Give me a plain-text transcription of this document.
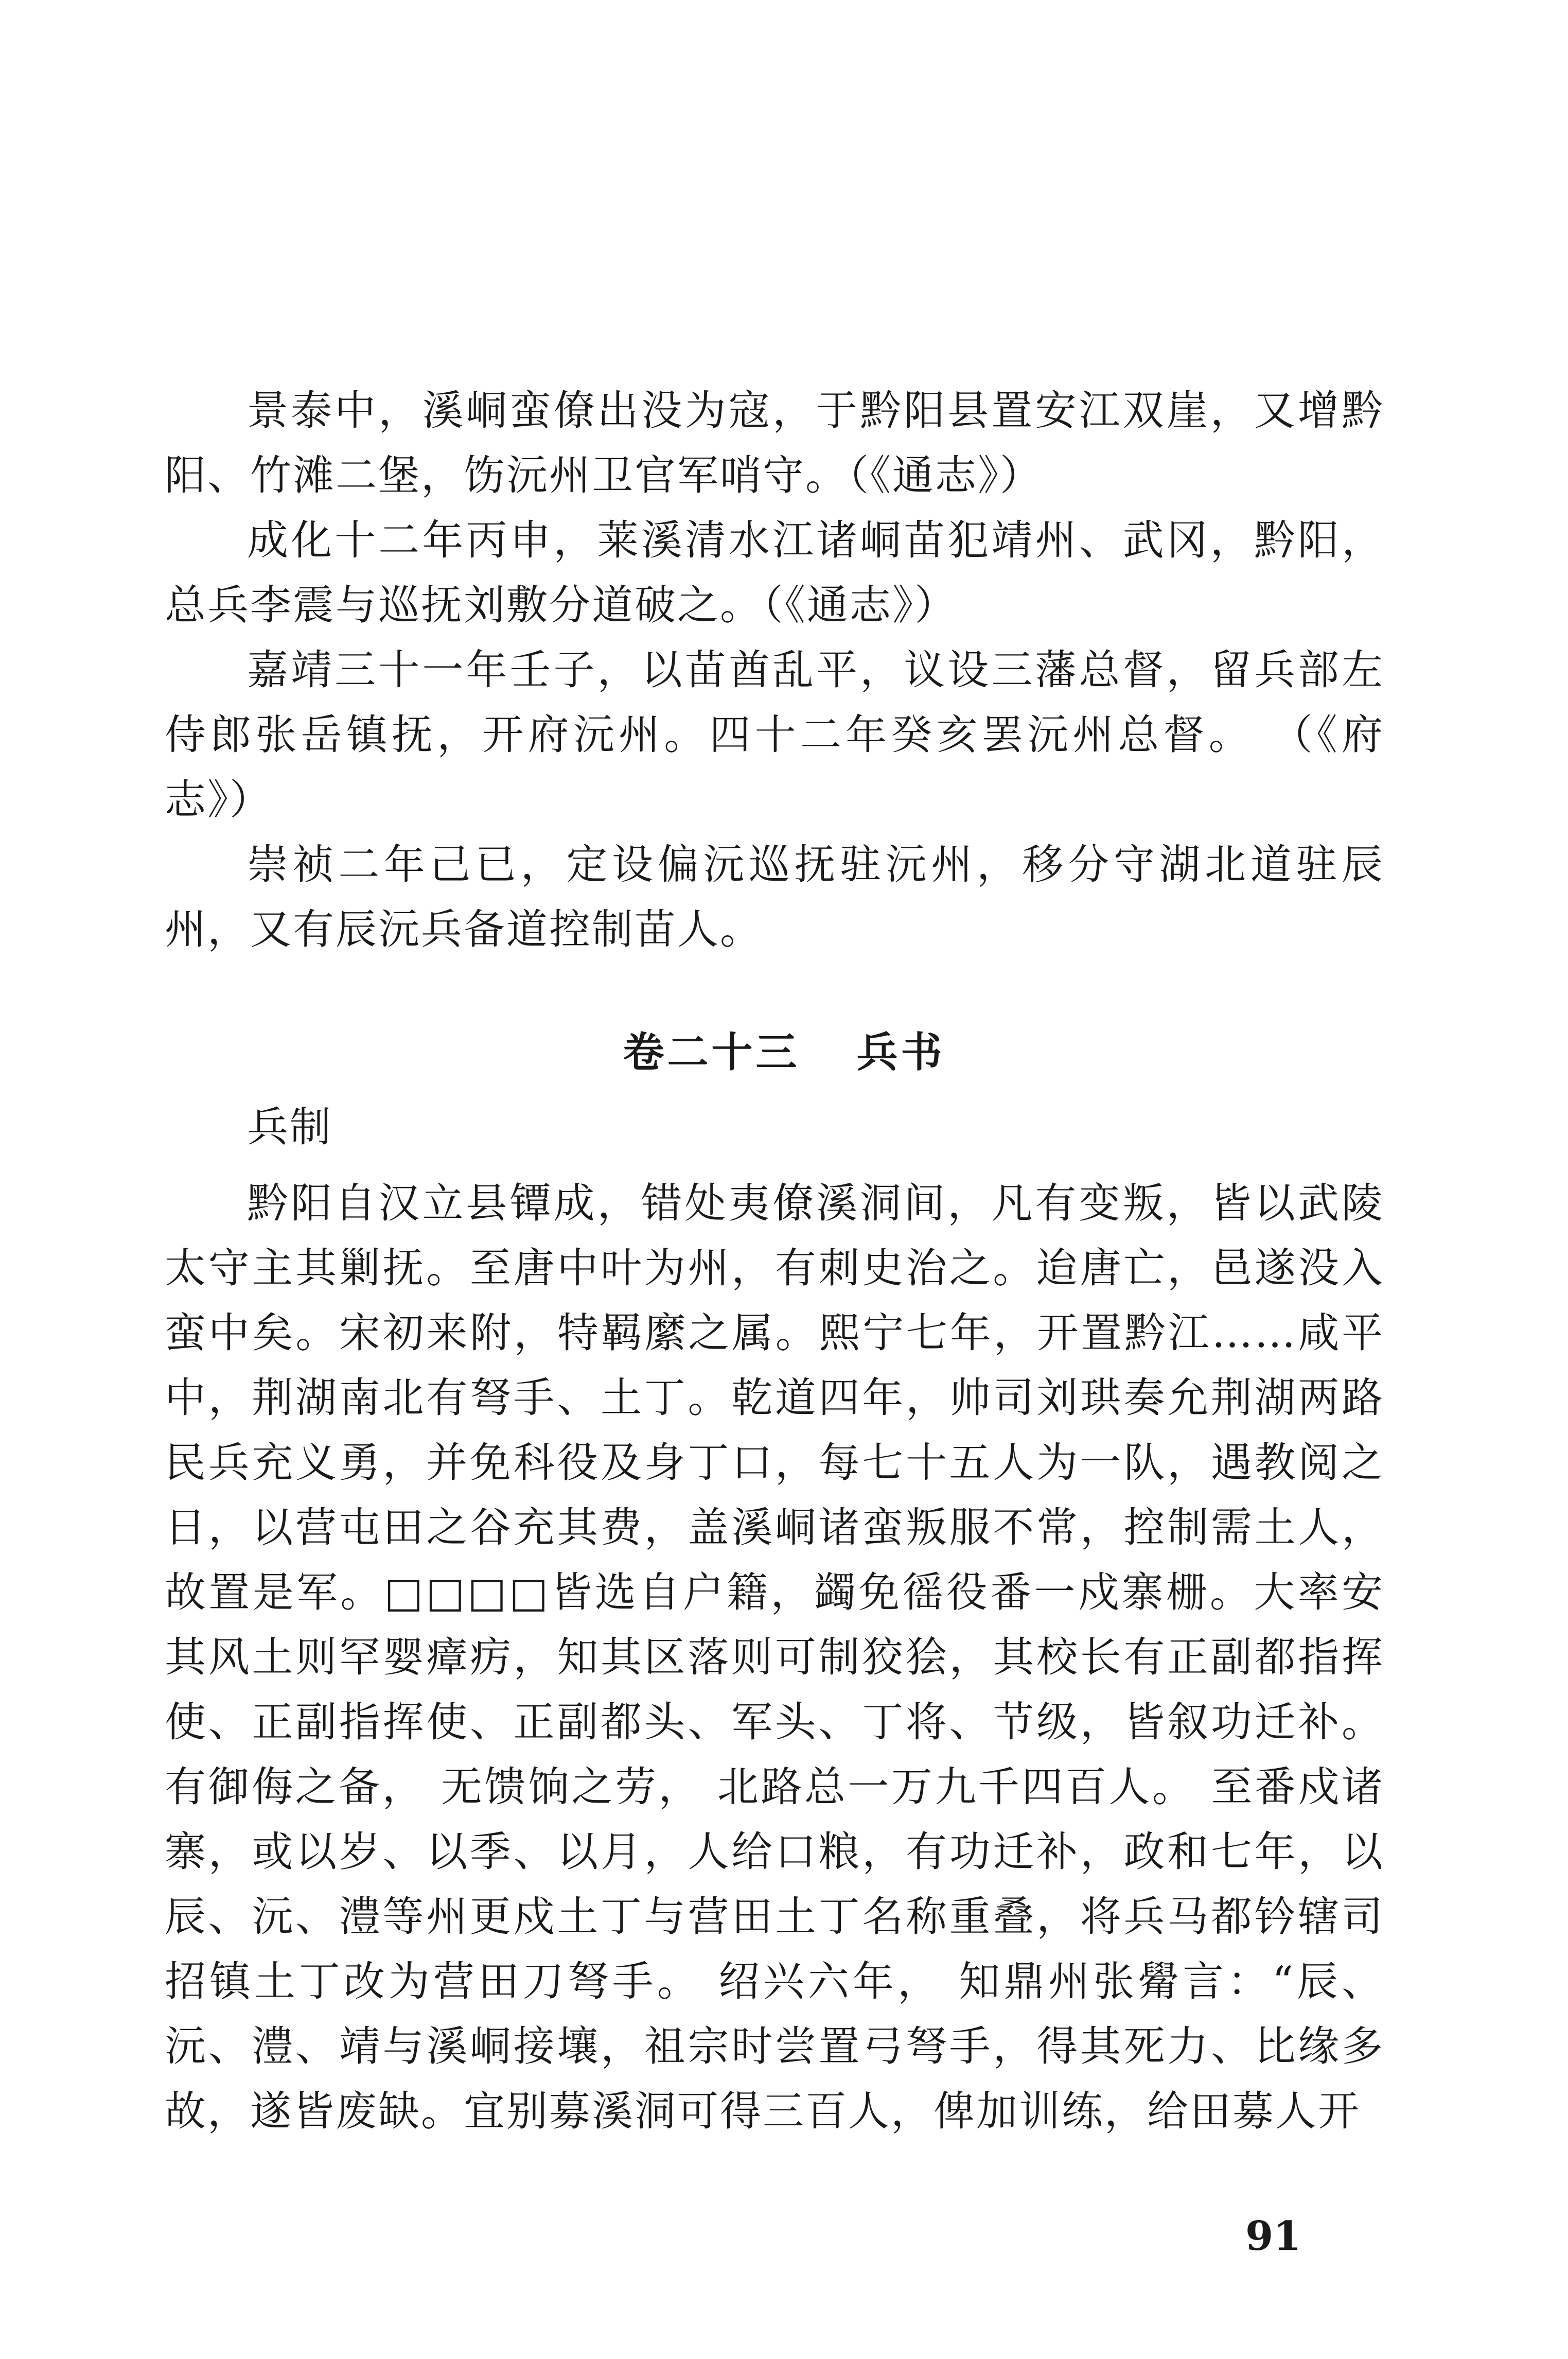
景泰中，溪峒蛮僚出没为寇，于黔阳县置安江双崖，又增黔阳、竹滩二堡，饬沅州卫官军哨守。（《通志》）

成化十二年丙申，莱溪清水江诸峒苗犯靖州、武冈，黔阳，总兵李震与巡抚刘敷分道破之。（《通志》）

嘉靖三十一年壬子，以苗酋乱平，议设三藩总督，留兵部左侍郎张岳镇抚，开府沅州。四十二年癸亥罢沅州总督。 （《府志》）

崇祯二年己已，定设偏沅巡抚驻沅州，移分守湖北道驻辰州，又有辰沅兵备道控制苗人。

卷二十三 兵书
兵制

黔阳自汉立县镡成，错处夷僚溪洞间，凡有变叛，皆以武陵太守主其剿抚。至唐中叶为州，有刺史治之。迨唐亡，邑遂没入蛮中矣。宋初来附，特羁縻之属。熙宁七年，开置黔江……咸平中，荆湖南北有弩手、土丁。乾道四年，帅司刘珙奏允荆湖两路民兵充义勇，并免科役及身丁口，每七十五人为一队，遇教阅之日，以营屯田之谷充其费，盖溪峒诸蛮叛服不常，控制需土人，故置是军。□□□□皆选自户籍，蠲免徭役番一戍寨栅。大率安其风土则罕婴瘴疠，知其区落则可制狡狯，其校长有正副都指挥使、正副指挥使、正副都头、军头、丁将、节级，皆叙功迁补。有御侮之备， 无馈饷之劳， 北路总一万九千四百人。 至番戍诸寨，或以岁、以季、以月，人给口粮，有功迁补，政和七年，以辰、沅、澧等州更戍土丁与营田土丁名称重叠，将兵马都钤辖司招镇土丁改为营田刀弩手。 绍兴六年， 知鼎州张觷言：“辰、沅、澧、靖与溪峒接壤，祖宗时尝置弓弩手，得其死力、比缘多故，遂皆废缺。宜别募溪洞可得三百人，俾加训练，给田募人开

91
